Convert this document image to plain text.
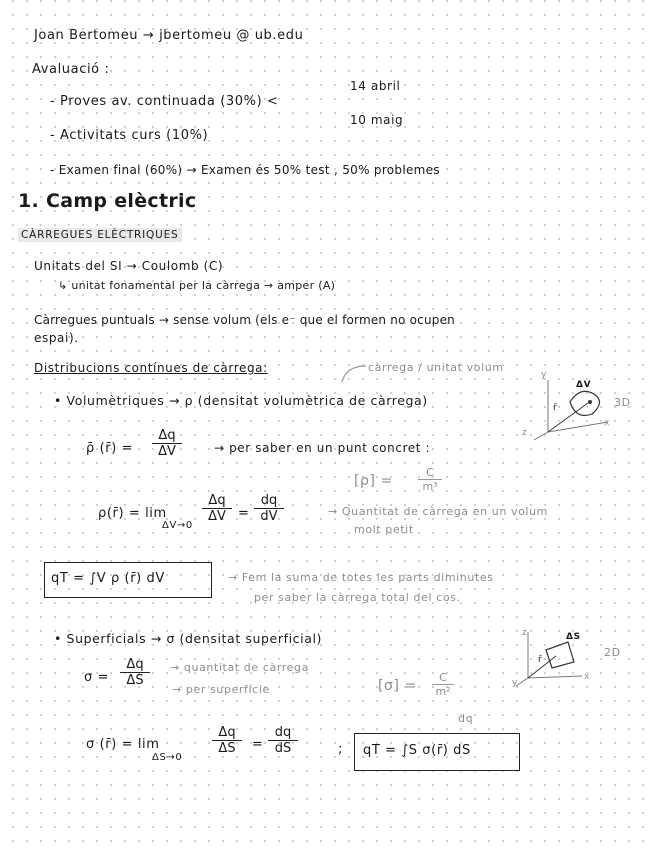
Joan Bertomeu → jbertomeu @ ub.edu
Avaluació :
- Proves av. continuada (30%) <
14 abril
10 maig
- Activitats curs (10%)
- Examen final (60%) → Examen és 50% test , 50% problemes
1. Camp elèctric
CÀRREGUES ELÈCTRIQUES
Unitats del SI → Coulomb (C)
↳ unitat fonamental per la càrrega → amper (A)
Càrregues puntuals → sense volum (els e⁻ que el formen no ocupen
espai).
Distribucions contínues de càrrega:	càrrega / unitat volum
• Volumètriques → ρ (densitat volumètrica de càrrega)
ΔV
r̄
y
x
z
3D
ρ̄ (r̄) = $\frac{\Delta q}{\Delta V}$	→ per saber en un punt concret :
$[\rho] = \frac{C}{\text{m³}}$
ρ(r̄) = lim
ΔV→0
$\frac{\Delta q}{\Delta V} = \frac{dq}{dV}$	→ Quantitat de càrrega en un volum
molt petit
qT = ∫V ρ (r̄) dV	→ Fem la suma de totes les parts diminutes
per saber la càrrega total del cos.
• Superficials → σ (densitat superficial)	ΔS
r̄
2D
z
x
y
$\sigma = \frac{\Delta q}{\Delta S}$ → quantitat de càrrega
→ per superfície	$[\sigma] = \frac{C}{\text{m²}}$
dq
σ (r̄) = lim
ΔS→0
$\frac{\Delta q}{\Delta S} = \frac{dq}{dS}$	; qT = ∫S σ(r̄) dS
